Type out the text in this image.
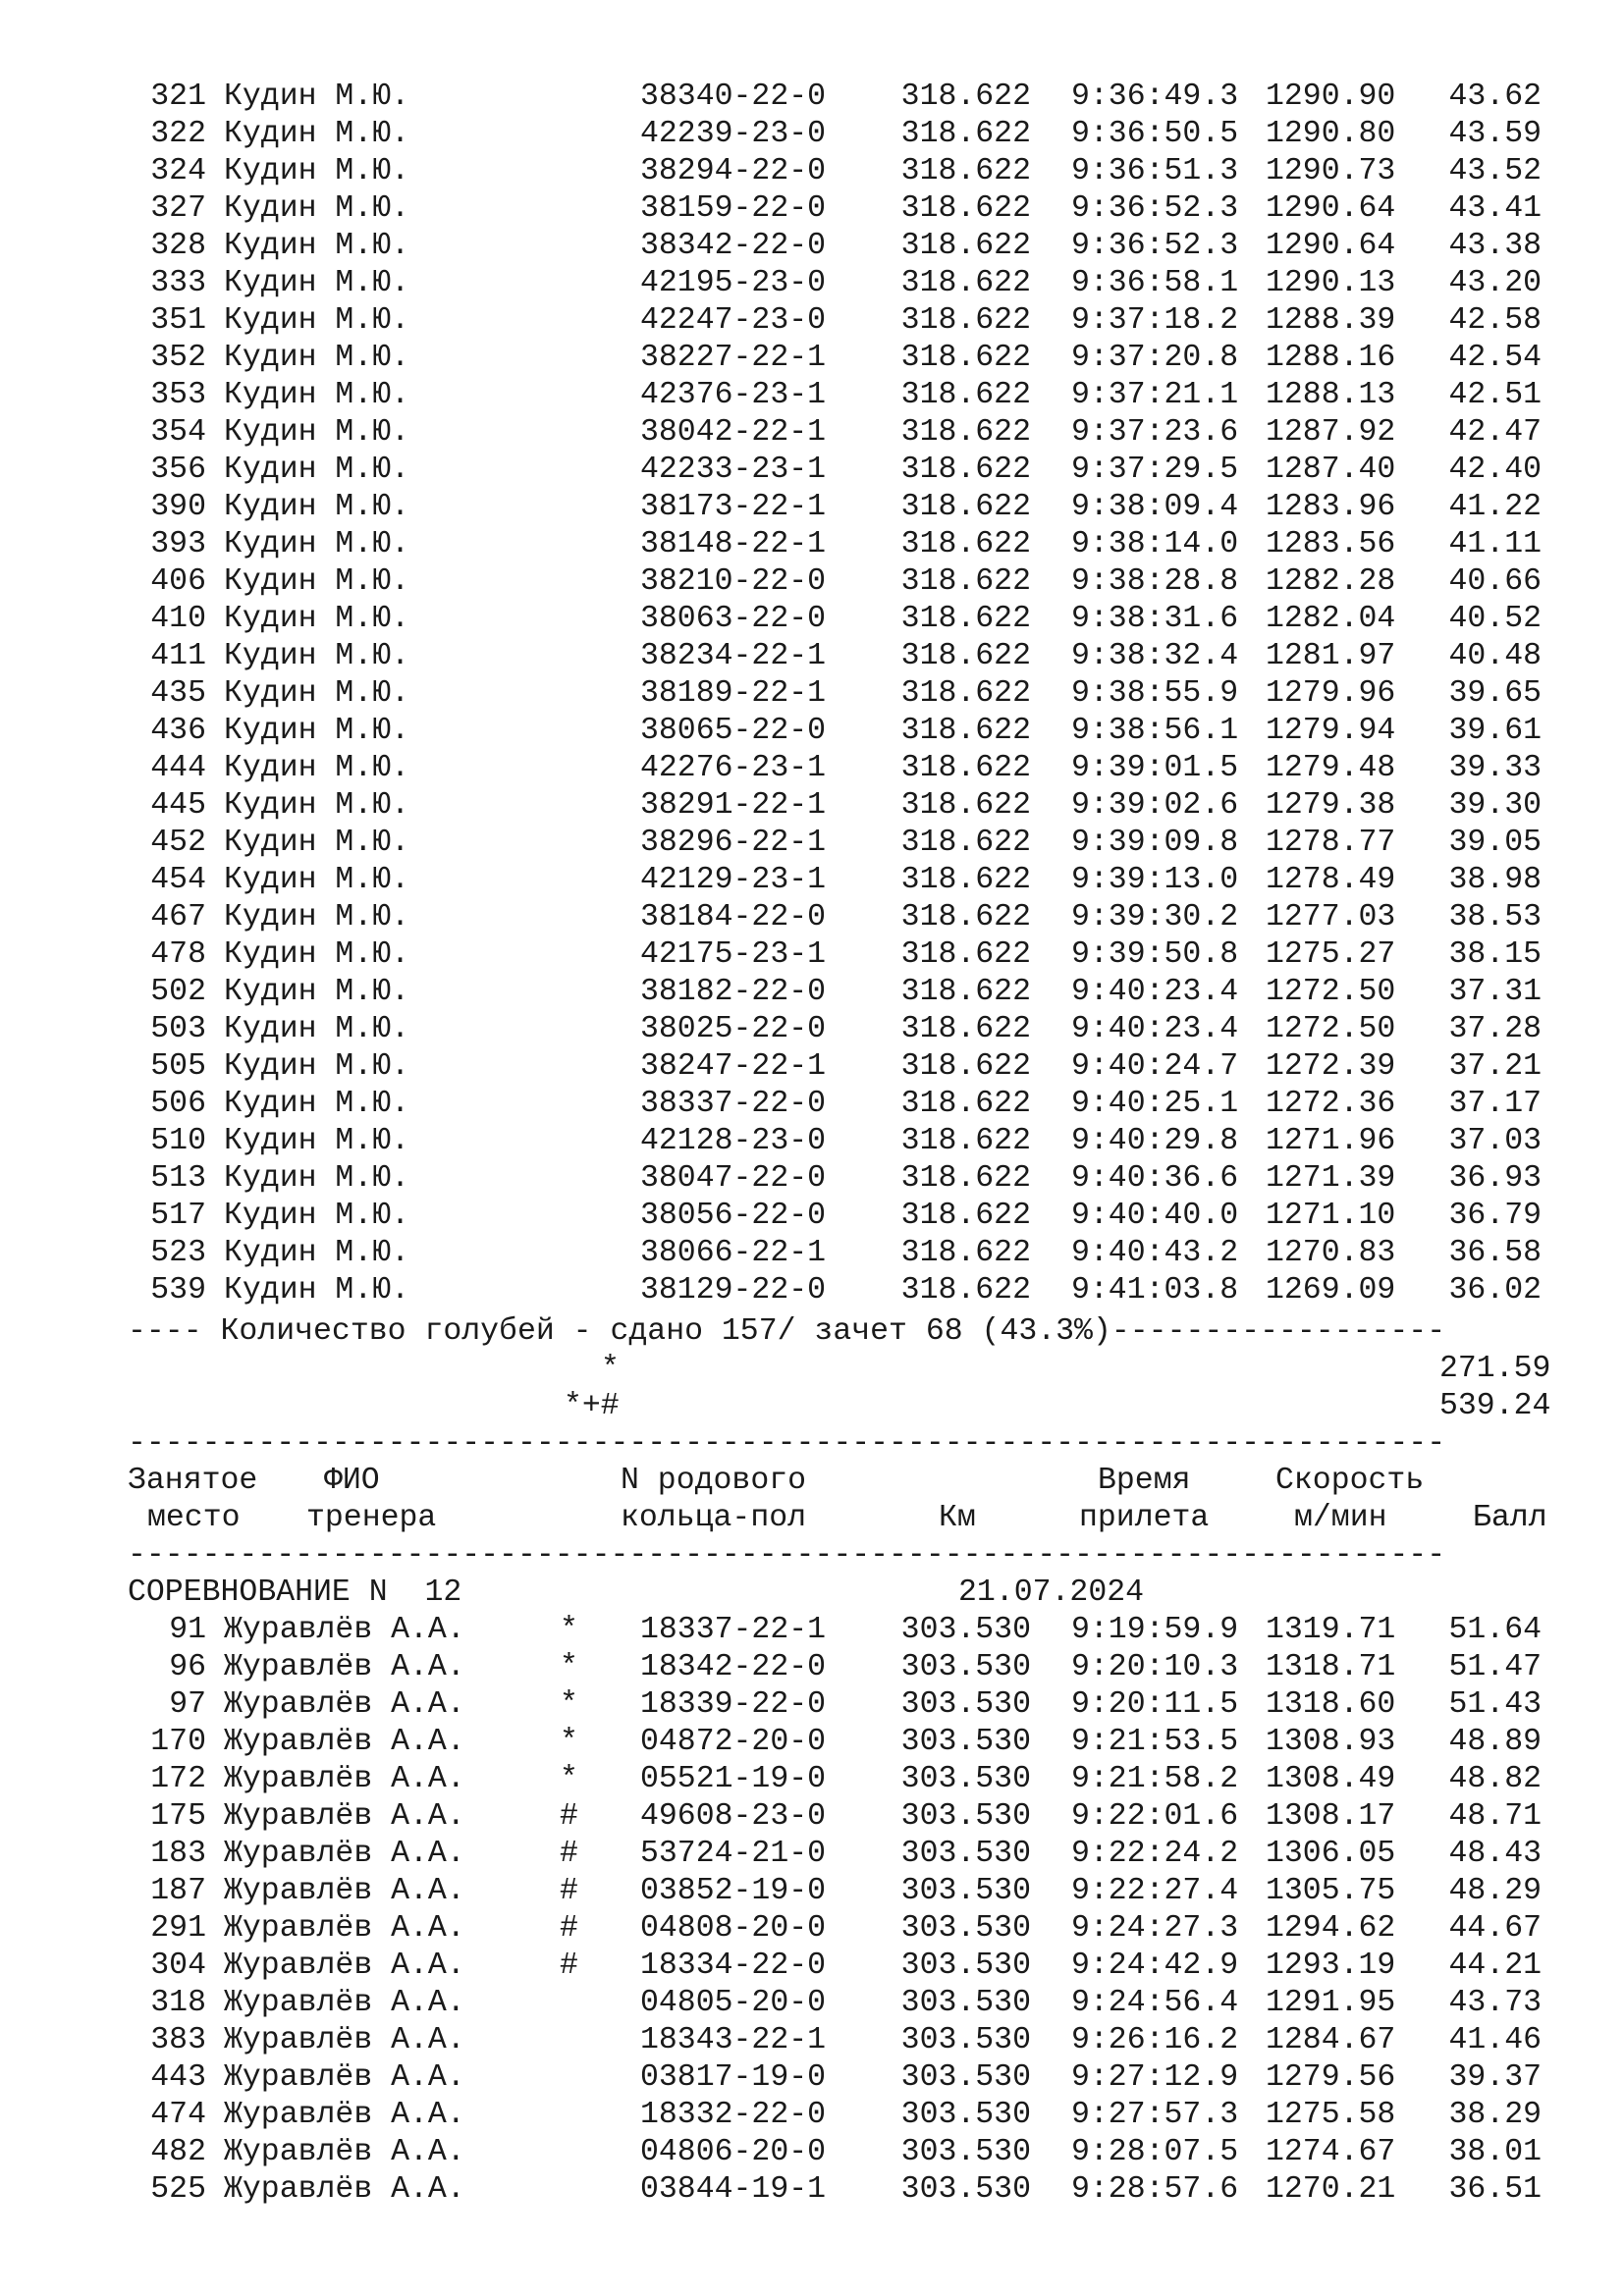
321 Кудин М.Ю.	38340-22-0	318.622 9:36:49.3 1290.90	43.62
322 Кудин М.Ю.	42239-23-0	318.622 9:36:50.5 1290.80	43.59
324 Кудин М.Ю.	38294-22-0	318.622 9:36:51.3 1290.73	43.52
327 Кудин М.Ю.	38159-22-0	318.622 9:36:52.3 1290.64	43.41
328 Кудин М.Ю.	38342-22-0	318.622 9:36:52.3 1290.64	43.38
333 Кудин М.Ю.	42195-23-0	318.622 9:36:58.1 1290.13	43.20
351 Кудин М.Ю.	42247-23-0	318.622 9:37:18.2 1288.39	42.58
352 Кудин М.Ю.	38227-22-1	318.622 9:37:20.8 1288.16	42.54
353 Кудин М.Ю.	42376-23-1	318.622 9:37:21.1 1288.13	42.51
354 Кудин М.Ю.	38042-22-1	318.622 9:37:23.6 1287.92	42.47
356 Кудин М.Ю.	42233-23-1	318.622 9:37:29.5 1287.40	42.40
390 Кудин М.Ю.	38173-22-1	318.622 9:38:09.4 1283.96	41.22
393 Кудин М.Ю.	38148-22-1	318.622 9:38:14.0 1283.56	41.11
406 Кудин М.Ю.	38210-22-0	318.622 9:38:28.8 1282.28	40.66
410 Кудин М.Ю.	38063-22-0	318.622 9:38:31.6 1282.04	40.52
411 Кудин М.Ю.	38234-22-1	318.622 9:38:32.4 1281.97	40.48
435 Кудин М.Ю.	38189-22-1	318.622 9:38:55.9 1279.96	39.65
436 Кудин М.Ю.	38065-22-0	318.622 9:38:56.1 1279.94	39.61
444 Кудин М.Ю.	42276-23-1	318.622 9:39:01.5 1279.48	39.33
445 Кудин М.Ю.	38291-22-1	318.622 9:39:02.6 1279.38	39.30
452 Кудин М.Ю.	38296-22-1	318.622 9:39:09.8 1278.77	39.05
454 Кудин М.Ю.	42129-23-1	318.622 9:39:13.0 1278.49	38.98
467 Кудин М.Ю.	38184-22-0	318.622 9:39:30.2 1277.03	38.53
478 Кудин М.Ю.	42175-23-1	318.622 9:39:50.8 1275.27	38.15
502 Кудин М.Ю.	38182-22-0	318.622 9:40:23.4 1272.50	37.31
503 Кудин М.Ю.	38025-22-0	318.622 9:40:23.4 1272.50	37.28
505 Кудин М.Ю.	38247-22-1	318.622 9:40:24.7 1272.39	37.21
506 Кудин М.Ю.	38337-22-0	318.622 9:40:25.1 1272.36	37.17
510 Кудин М.Ю.	42128-23-0	318.622 9:40:29.8 1271.96	37.03
513 Кудин М.Ю.	38047-22-0	318.622 9:40:36.6 1271.39	36.93
517 Кудин М.Ю.	38056-22-0	318.622 9:40:40.0 1271.10	36.79
523 Кудин М.Ю.	38066-22-1	318.622 9:40:43.2 1270.83	36.58
539 Кудин М.Ю.	38129-22-0	318.622 9:41:03.8 1269.09	36.02
---- Количество голубей - сдано 157/ зачет 68 (43.3%)------------------
*	271.59
*+#	539.24
-----------------------------------------------------------------------
Занятое ФИО	N родового	Время	Скорость
место тренера	кольца-пол	Км	прилета	м/мин	Балл
-----------------------------------------------------------------------
СОРЕВНОВАНИЕ N  12	21.07.2024
91 Журавлёв А.А.	* 18337-22-1	303.530 9:19:59.9 1319.71	51.64
96 Журавлёв А.А.	* 18342-22-0	303.530 9:20:10.3 1318.71	51.47
97 Журавлёв А.А.	* 18339-22-0	303.530 9:20:11.5 1318.60	51.43
170 Журавлёв А.А.	* 04872-20-0	303.530 9:21:53.5 1308.93	48.89
172 Журавлёв А.А.	* 05521-19-0	303.530 9:21:58.2 1308.49	48.82
175 Журавлёв А.А.	# 49608-23-0	303.530 9:22:01.6 1308.17	48.71
183 Журавлёв А.А.	# 53724-21-0	303.530 9:22:24.2 1306.05	48.43
187 Журавлёв А.А.	# 03852-19-0	303.530 9:22:27.4 1305.75	48.29
291 Журавлёв А.А.	# 04808-20-0	303.530 9:24:27.3 1294.62	44.67
304 Журавлёв А.А.	# 18334-22-0	303.530 9:24:42.9 1293.19	44.21
318 Журавлёв А.А.	04805-20-0	303.530 9:24:56.4 1291.95	43.73
383 Журавлёв А.А.	18343-22-1	303.530 9:26:16.2 1284.67	41.46
443 Журавлёв А.А.	03817-19-0	303.530 9:27:12.9 1279.56	39.37
474 Журавлёв А.А.	18332-22-0	303.530 9:27:57.3 1275.58	38.29
482 Журавлёв А.А.	04806-20-0	303.530 9:28:07.5 1274.67	38.01
525 Журавлёв А.А.	03844-19-1	303.530 9:28:57.6 1270.21	36.51
